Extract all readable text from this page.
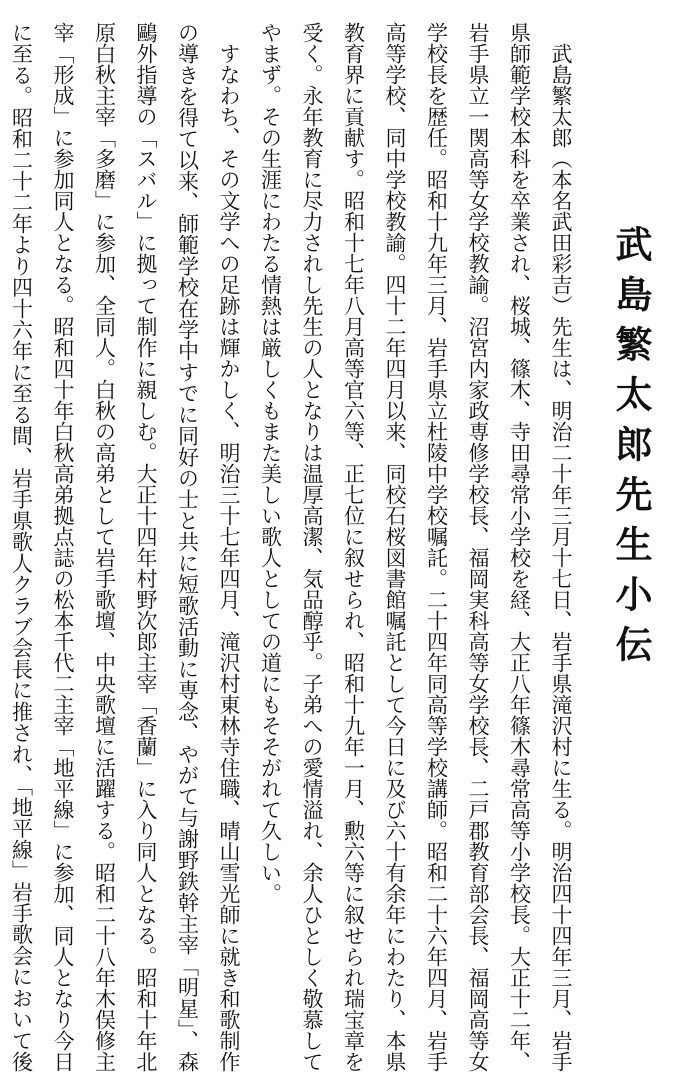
武島繁太郎先生小伝

武島繁太郎（本名武田彩吉）先生は、明治二十年三月十七日、岩手県滝沢村に生る。明治四十四年三月、岩手県師範学校本科を卒業され、桜城、篠木、寺田尋常小学校を経、大正八年篠木尋常高等小学校長。大正十二年、岩手県立一関高等女学校教諭。沼宮内家政専修学校長、福岡実科高等女学校長、二戸郡教育部会長、福岡高等女学校長を歴任。昭和十九年三月、岩手県立杜陵中学校嘱託。二十四年同高等学校講師。昭和二十六年四月、岩手高等学校、同中学校教諭。四十二年四月以来、同校石桜図書館嘱託として今日に及び六十有余年にわたり、本県教育界に貢献す。昭和十七年八月高等官六等、正七位に叙せられ、昭和十九年一月、勲六等に叙せられ瑞宝章を受く。永年教育に尽力されし先生の人となりは温厚高潔、気品醇乎。子弟への愛情溢れ、余人ひとしく敬慕してやまず。その生涯にわたる情熱は厳しくもまた美しい歌人としての道にもそそがれて久しい。

すなわち、その文学への足跡は輝かしく、明治三十七年四月、滝沢村東林寺住職、晴山雪光師に就き和歌制作の導きを得て以来、師範学校在学中すでに同好の士と共に短歌活動に専念、やがて与謝野鉄幹主宰「明星」、森鷗外指導の「スバル」に拠って制作に親しむ。大正十四年村野次郎主宰「香蘭」に入り同人となる。昭和十年北原白秋主宰「多磨」に参加、全同人。白秋の高弟として岩手歌壇、中央歌壇に活躍する。昭和二十八年木俣修主宰「形成」に参加同人となる。昭和四十年白秋高弟拠点誌の松本千代二主宰「地平線」に参加、同人となり今日に至る。昭和二十二年より四十六年に至る間、岩手県歌人クラブ会長に推され、「地平線」岩手歌会において後
